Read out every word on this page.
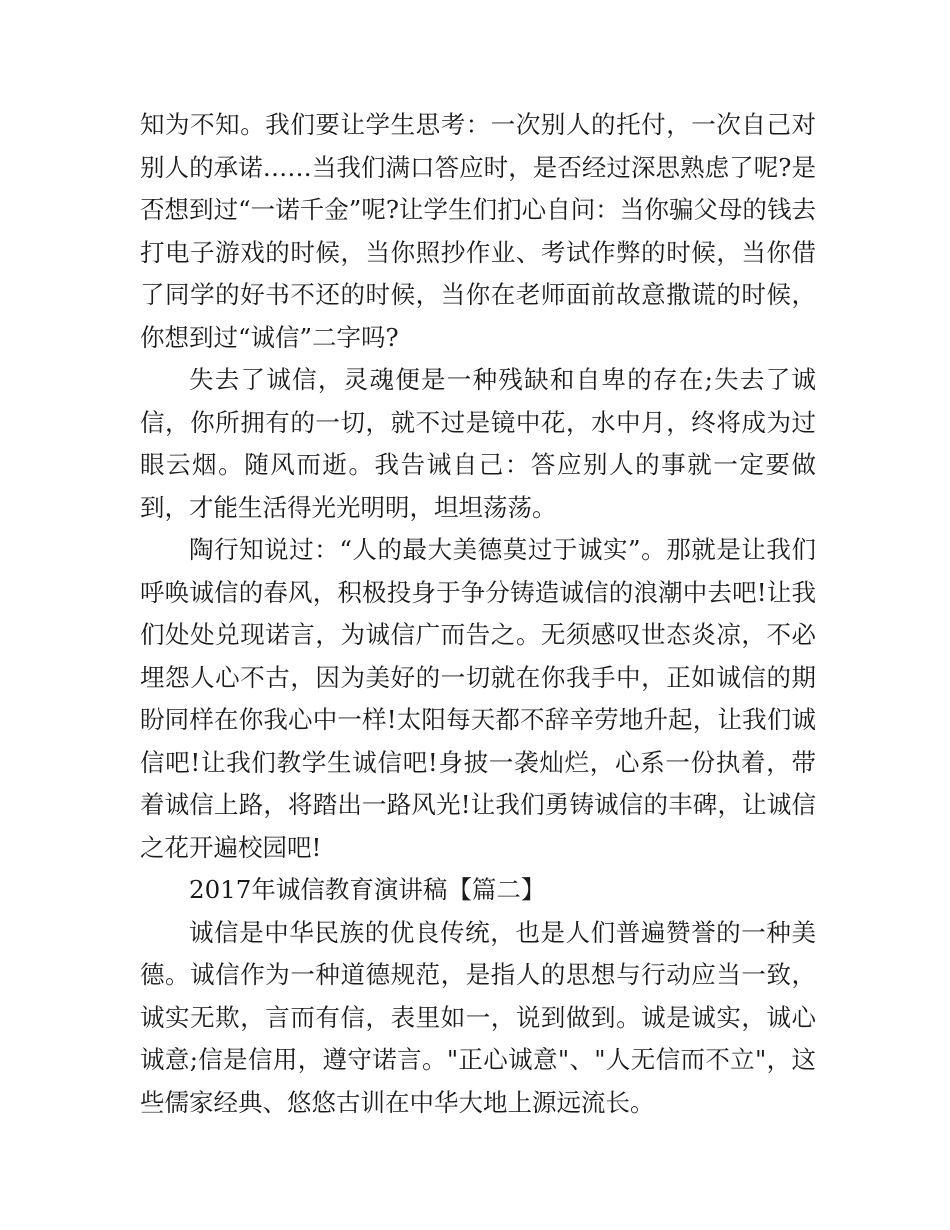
知为不知。我们要让学生思考：一次别人的托付，一次自己对别人的承诺……当我们满口答应时，是否经过深思熟虑了呢?是否想到过“一诺千金”呢?让学生们扪心自问：当你骗父母的钱去打电子游戏的时候，当你照抄作业、考试作弊的时候，当你借了同学的好书不还的时候，当你在老师面前故意撒谎的时候，你想到过“诚信”二字吗?

失去了诚信，灵魂便是一种残缺和自卑的存在;失去了诚信，你所拥有的一切，就不过是镜中花，水中月，终将成为过眼云烟。随风而逝。我告诫自己：答应别人的事就一定要做到，才能生活得光光明明，坦坦荡荡。

陶行知说过：“人的最大美德莫过于诚实”。那就是让我们呼唤诚信的春风，积极投身于争分铸造诚信的浪潮中去吧!让我们处处兑现诺言，为诚信广而告之。无须感叹世态炎凉，不必埋怨人心不古，因为美好的一切就在你我手中，正如诚信的期盼同样在你我心中一样!太阳每天都不辞辛劳地升起，让我们诚信吧!让我们教学生诚信吧!身披一袭灿烂，心系一份执着，带着诚信上路，将踏出一路风光!让我们勇铸诚信的丰碑，让诚信之花开遍校园吧!

2017年诚信教育演讲稿【篇二】

诚信是中华民族的优良传统，也是人们普遍赞誉的一种美德。诚信作为一种道德规范，是指人的思想与行动应当一致，诚实无欺，言而有信，表里如一，说到做到。诚是诚实，诚心诚意;信是信用，遵守诺言。"正心诚意"、"人无信而不立"，这些儒家经典、悠悠古训在中华大地上源远流长。
